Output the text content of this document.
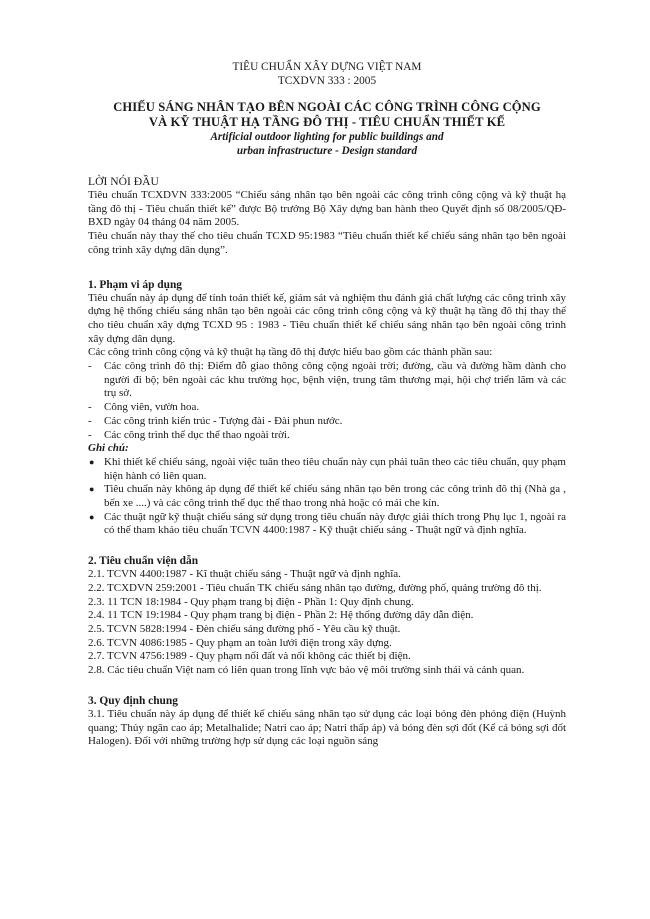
TIÊU CHUẨN XÂY DỰNG VIỆT NAM
TCXDVN 333 : 2005
CHIẾU SÁNG NHÂN TẠO BÊN NGOÀI CÁC CÔNG TRÌNH CÔNG CỘNG
VÀ KỸ THUẬT HẠ TẦNG ĐÔ THỊ - TIÊU CHUẨN THIẾT KẾ
Artificial outdoor lighting for public buildings and
urban infrastructure - Design standard
LỜI NÓI ĐẦU

Tiêu chuẩn TCXDVN 333:2005 “Chiếu sáng nhân tạo bên ngoài các công trình công cộng và kỹ thuật hạ tầng đô thị - Tiêu chuẩn thiết kế” được Bộ trưởng Bộ Xây dựng ban hành theo Quyết định số 08/2005/QĐ-BXD ngày 04 tháng 04 năm 2005.

Tiêu chuẩn này thay thế cho tiêu chuẩn TCXD 95:1983 “Tiêu chuẩn thiết kế chiếu sáng nhân tạo bên ngoài công trình xây dựng dân dụng”.

1. Phạm vi áp dụng

Tiêu chuẩn này áp dụng để tính toán thiết kế, giám sát và nghiệm thu đánh giá chất lượng các công trình xây dựng hệ thống chiếu sáng nhân tạo bên ngoài các công trình công cộng và kỹ thuật hạ tầng đô thị thay thế cho tiêu chuẩn xây dựng TCXD 95 : 1983 - Tiêu chuẩn thiết kế chiếu sáng nhân tạo bên ngoài công trình xây dựng dân dụng.

Các công trình công cộng và kỹ thuật hạ tầng đô thị được hiểu bao gồm các thành phần sau:

- Các công trình đô thị: Điểm đỗ giao thông công cộng ngoài trời; đường, cầu và đường hầm dành cho người đi bộ; bên ngoài các khu trường học, bệnh viện, trung tâm thương mại, hội chợ triển lãm và các trụ sở.
- Công viên, vườn hoa.
- Các công trình kiến trúc - Tượng đài - Đài phun nước.
- Các công trình thể dục thể thao ngoài trời.
Ghi chú:
● Khi thiết kế chiếu sáng, ngoài việc tuân theo tiêu chuẩn này cụn phải tuân theo các tiêu chuẩn, quy phạm hiện hành có liên quan.
● Tiêu chuẩn này không áp dụng để thiết kế chiếu sáng nhân tạo bên trong các công trình đô thị (Nhà ga , bến xe ....) và các công trình thể dục thể thao trong nhà hoặc có mái che kín.
● Các thuật ngữ kỹ thuật chiếu sáng sử dụng trong tiêu chuẩn này được giải thích trong Phụ lục 1, ngoài ra có thể tham khảo tiêu chuẩn TCVN 4400:1987 - Kỹ thuật chiếu sáng - Thuật ngữ và định nghĩa.
2. Tiêu chuẩn viện dẫn
2.1. TCVN 4400:1987 - Kĩ thuật chiếu sáng - Thuật ngữ và định nghĩa.
2.2. TCXDVN 259:2001 - Tiêu chuẩn TK chiếu sáng nhân tạo đường, đường phố, quảng trường đô thị.
2.3. 11 TCN 18:1984 - Quy phạm trang bị điện - Phần 1: Quy định chung.
2.4. 11 TCN 19:1984 - Quy phạm trang bị điện - Phần 2: Hệ thống đường dây dẫn điện.
2.5. TCVN 5828:1994 - Đèn chiếu sáng đường phố - Yêu cầu kỹ thuật.
2.6. TCVN 4086:1985 - Quy phạm an toàn lưới điện trong xây dựng.
2.7. TCVN 4756:1989 - Quy phạm nối đất và nối không các thiết bị điện.
2.8. Các tiêu chuẩn Việt nam có liên quan trong lĩnh vực bảo vệ môi trường sinh thái và cảnh quan.
3. Quy định chung

3.1. Tiêu chuẩn này áp dụng để thiết kế chiếu sáng nhân tạo sử dụng các loại bóng đèn phóng điện (Huỳnh quang; Thủy ngân cao áp; Metalhalide; Natri cao áp; Natri thấp áp) và bóng đèn sợi đốt (Kể cả bóng sợi đốt Halogen). Đối với những trường hợp sử dụng các loại nguồn sáng
